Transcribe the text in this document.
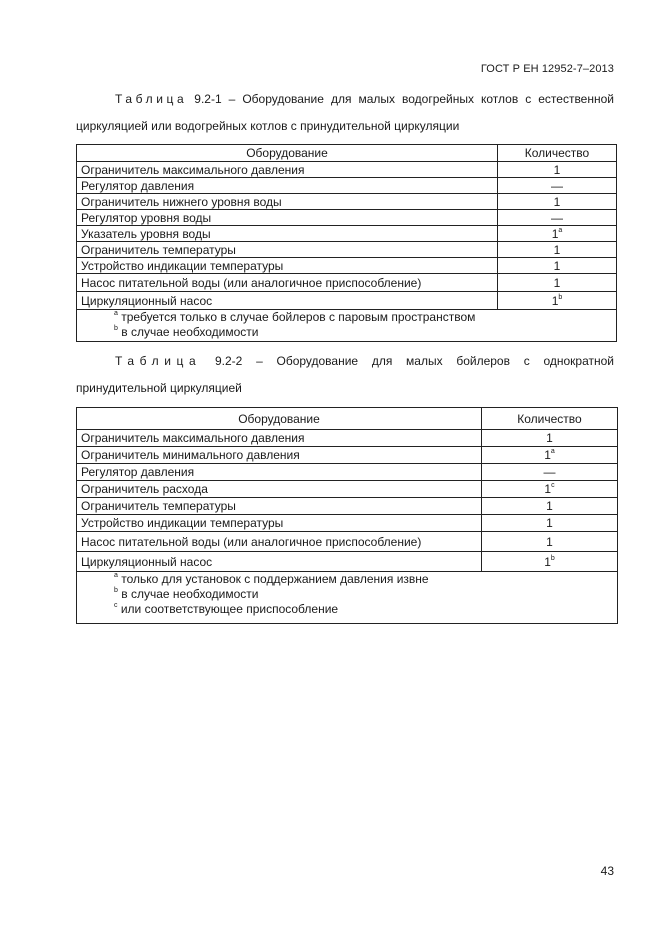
ГОСТ Р ЕН 12952-7–2013

Таблица 9.2-1 – Оборудование для малых водогрейных котлов с естественной циркуляцией или водогрейных котлов с принудительной циркуляции

Оборудование	Количество
Ограничитель максимального давления	1
Регулятор давления	—
Ограничитель нижнего уровня воды	1
Регулятор уровня воды	—
Указатель уровня воды	1$^a$
Ограничитель температуры	1
Устройство индикации температуры	1
Насос питательной воды (или аналогичное приспособление)	1
Циркуляционный насос	1$^b$

$^a$ требуется только в случае бойлеров с паровым пространством
$^b$ в случае необходимости	

Таблица 9.2-2 – Оборудование для малых бойлеров с однократной принудительной циркуляцией

Оборудование	Количество
Ограничитель максимального давления	1
Ограничитель минимального давления	1$^a$
Регулятор давления	—
Ограничитель расхода	1$^c$
Ограничитель температуры	1
Устройство индикации температуры	1
Насос питательной воды (или аналогичное приспособление)	1
Циркуляционный насос	1$^b$

$^a$ только для установок с поддержанием давления извне
$^b$ в случае необходимости
$^c$ или соответствующее приспособление	
43
